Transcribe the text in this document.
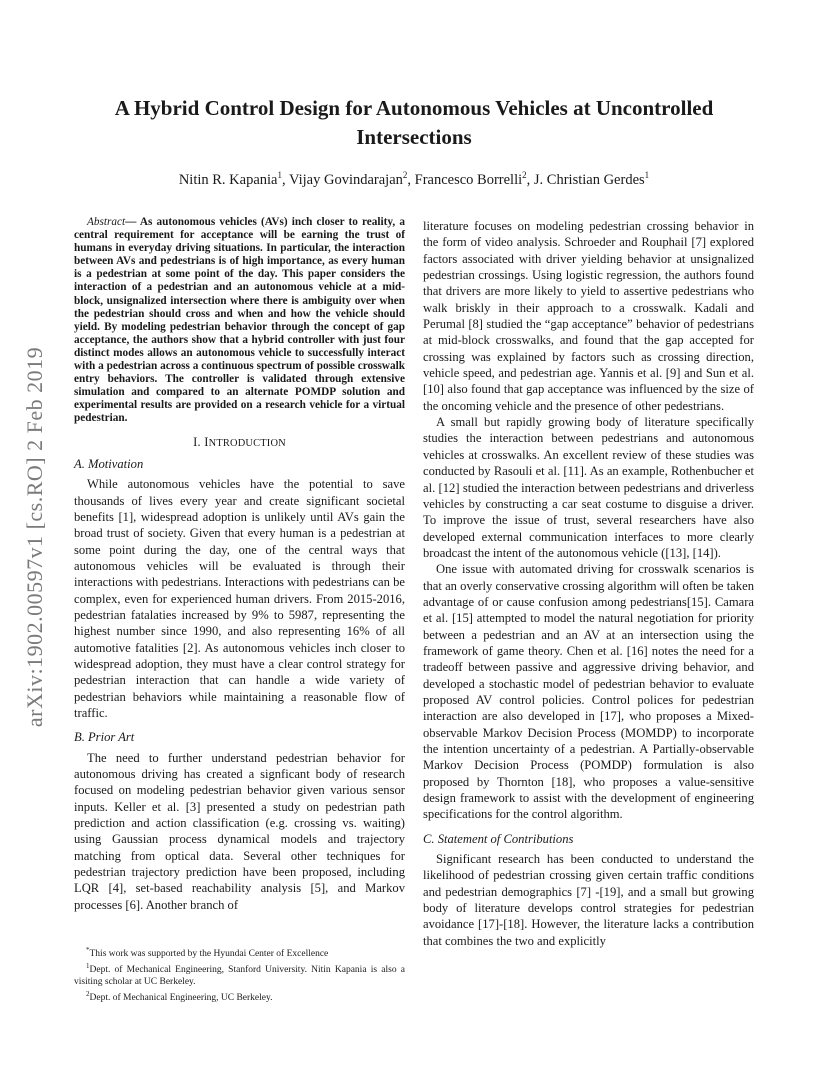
arXiv:1902.00597v1 [cs.RO] 2 Feb 2019
A Hybrid Control Design for Autonomous Vehicles at Uncontrolled Intersections
Nitin R. Kapania$^1$, Vijay Govindarajan$^2$, Francesco Borrelli$^2$, J. Christian Gerdes$^1$

Abstract— As autonomous vehicles (AVs) inch closer to reality, a central requirement for acceptance will be earning the trust of humans in everyday driving situations. In particular, the interaction between AVs and pedestrians is of high importance, as every human is a pedestrian at some point of the day. This paper considers the interaction of a pedestrian and an autonomous vehicle at a mid-block, unsignalized intersection where there is ambiguity over when the pedestrian should cross and when and how the vehicle should yield. By modeling pedestrian behavior through the concept of gap acceptance, the authors show that a hybrid controller with just four distinct modes allows an autonomous vehicle to successfully interact with a pedestrian across a continuous spectrum of possible crosswalk entry behaviors. The controller is validated through extensive simulation and compared to an alternate POMDP solution and experimental results are provided on a research vehicle for a virtual pedestrian.

I. INTRODUCTION
A. Motivation

While autonomous vehicles have the potential to save thousands of lives every year and create significant societal benefits [1], widespread adoption is unlikely until AVs gain the broad trust of society. Given that every human is a pedestrian at some point during the day, one of the central ways that autonomous vehicles will be evaluated is through their interactions with pedestrians. Interactions with pedestrians can be complex, even for experienced human drivers. From 2015-2016, pedestrian fatalaties increased by 9% to 5987, representing the highest number since 1990, and also representing 16% of all automotive fatalities [2]. As autonomous vehicles inch closer to widespread adoption, they must have a clear control strategy for pedestrian interaction that can handle a wide variety of pedestrian behaviors while maintaining a reasonable flow of traffic.

B. Prior Art

The need to further understand pedestrian behavior for autonomous driving has created a signficant body of research focused on modeling pedestrian behavior given various sensor inputs. Keller et al. [3] presented a study on pedestrian path prediction and action classification (e.g. crossing vs. waiting) using Gaussian process dynamical models and trajectory matching from optical data. Several other techniques for pedestrian trajectory prediction have been proposed, including LQR [4], set-based reachability analysis [5], and Markov processes [6]. Another branch of

literature focuses on modeling pedestrian crossing behavior in the form of video analysis. Schroeder and Rouphail [7] explored factors associated with driver yielding behavior at unsignalized pedestrian crossings. Using logistic regression, the authors found that drivers are more likely to yield to assertive pedestrians who walk briskly in their approach to a crosswalk. Kadali and Perumal [8] studied the “gap acceptance” behavior of pedestrians at mid-block crosswalks, and found that the gap accepted for crossing was explained by factors such as crossing direction, vehicle speed, and pedestrian age. Yannis et al. [9] and Sun et al.[10] also found that gap acceptance was influenced by the size of the oncoming vehicle and the presence of other pedestrians.

A small but rapidly growing body of literature specifically studies the interaction between pedestrians and autonomous vehicles at crosswalks. An excellent review of these studies was conducted by Rasouli et al. [11]. As an example, Rothenbucher et al. [12] studied the interaction between pedestrians and driverless vehicles by constructing a car seat costume to disguise a driver. To improve the issue of trust, several researchers have also developed external communication interfaces to more clearly broadcast the intent of the autonomous vehicle ([13], [14]).

One issue with automated driving for crosswalk scenarios is that an overly conservative crossing algorithm will often be taken advantage of or cause confusion among pedestrians[15]. Camara et al. [15] attempted to model the natural negotiation for priority between a pedestrian and an AV at an intersection using the framework of game theory. Chen et al. [16] notes the need for a tradeoff between passive and aggressive driving behavior, and developed a stochastic model of pedestrian behavior to evaluate proposed AV control policies. Control polices for pedestrian interaction are also developed in [17], who proposes a Mixed-observable Markov Decision Process (MOMDP) to incorporate the intention uncertainty of a pedestrian. A Partially-observable Markov Decision Process (POMDP) formulation is also proposed by Thornton [18], who proposes a value-sensitive design framework to assist with the development of engineering specifications for the control algorithm.

C. Statement of Contributions

Significant research has been conducted to understand the likelihood of pedestrian crossing given certain traffic conditions and pedestrian demographics [7] -[19], and a small but growing body of literature develops control strategies for pedestrian avoidance [17]-[18]. However, the literature lacks a contribution that combines the two and explicitly

*This work was supported by the Hyundai Center of Excellence

$^1$Dept. of Mechanical Engineering, Stanford University. Nitin Kapania is also a visiting scholar at UC Berkeley.

$^2$Dept. of Mechanical Engineering, UC Berkeley.
